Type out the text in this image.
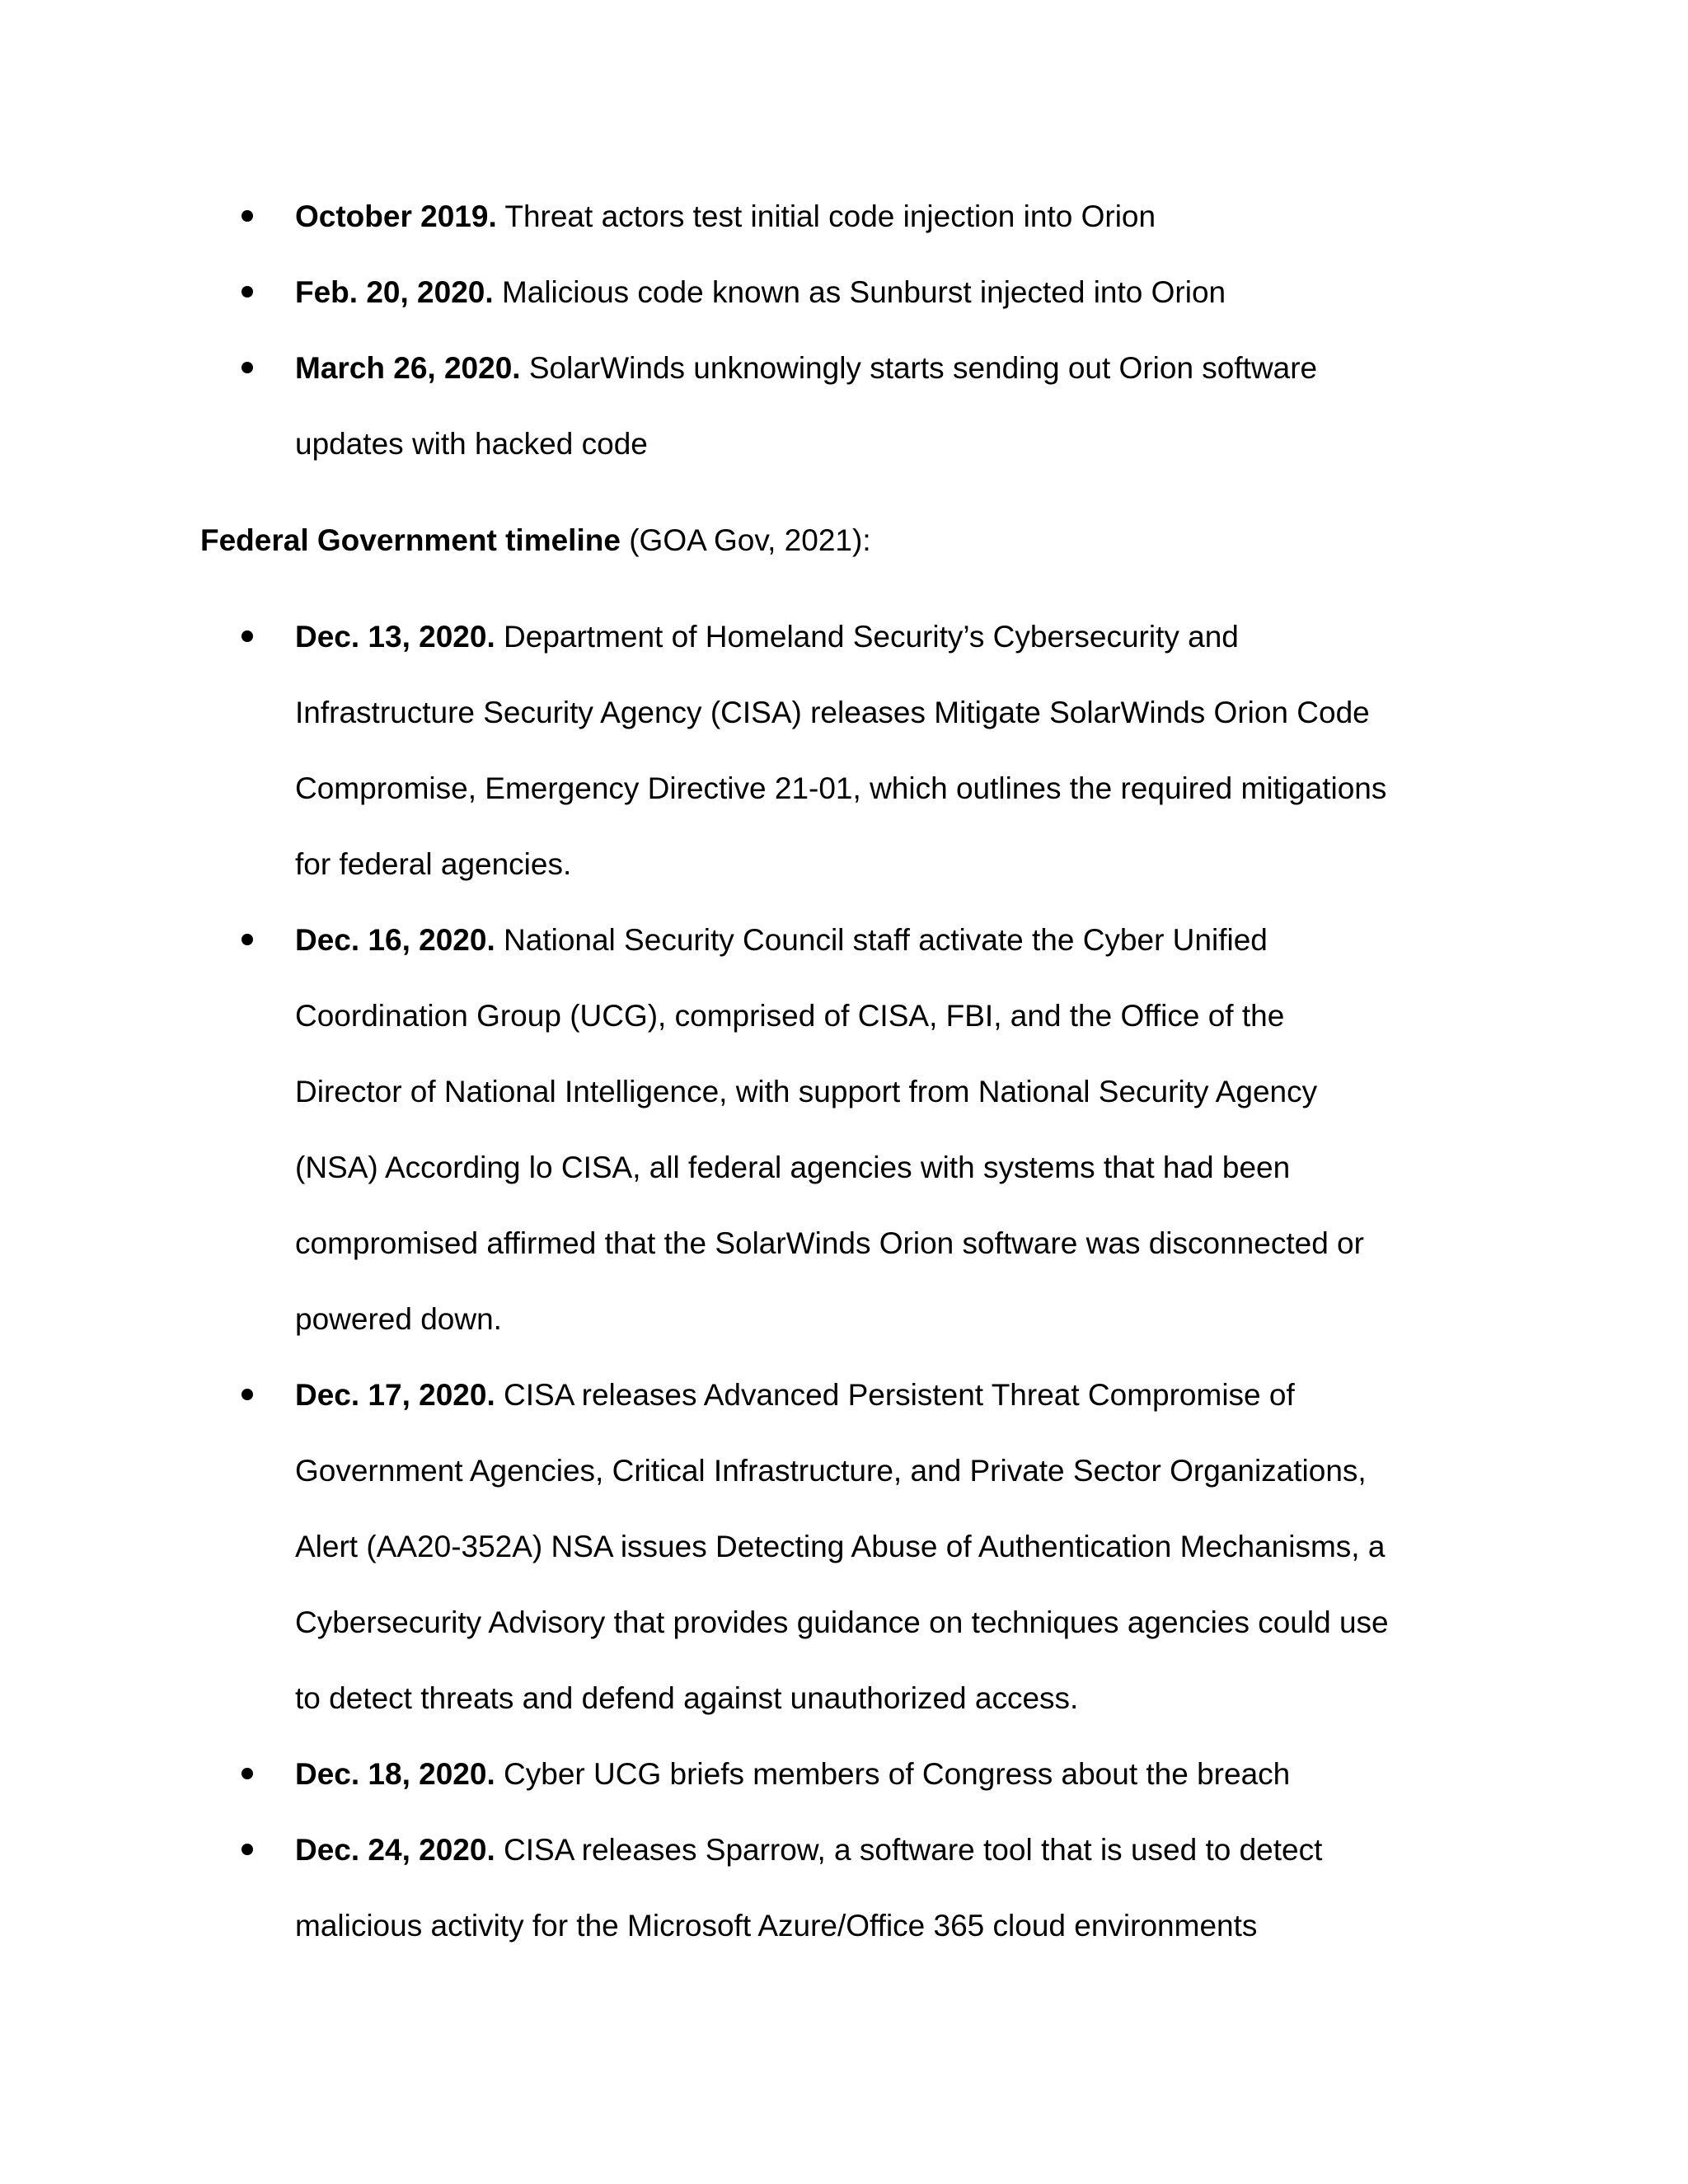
October 2019. Threat actors test initial code injection into Orion
Feb. 20, 2020. Malicious code known as Sunburst injected into Orion
March 26, 2020. SolarWinds unknowingly starts sending out Orion software
updates with hacked code
Federal Government timeline (GOA Gov, 2021):
Dec. 13, 2020. Department of Homeland Security’s Cybersecurity and
Infrastructure Security Agency (CISA) releases Mitigate SolarWinds Orion Code
Compromise, Emergency Directive 21-01, which outlines the required mitigations
for federal agencies.
Dec. 16, 2020. National Security Council staff activate the Cyber Unified
Coordination Group (UCG), comprised of CISA, FBI, and the Office of the
Director of National Intelligence, with support from National Security Agency
(NSA) According lo CISA, all federal agencies with systems that had been
compromised affirmed that the SolarWinds Orion software was disconnected or
powered down.
Dec. 17, 2020. CISA releases Advanced Persistent Threat Compromise of
Government Agencies, Critical Infrastructure, and Private Sector Organizations,
Alert (AA20-352A) NSA issues Detecting Abuse of Authentication Mechanisms, a
Cybersecurity Advisory that provides guidance on techniques agencies could use
to detect threats and defend against unauthorized access.
Dec. 18, 2020. Cyber UCG briefs members of Congress about the breach
Dec. 24, 2020. CISA releases Sparrow, a software tool that is used to detect
malicious activity for the Microsoft Azure/Office 365 cloud environments
